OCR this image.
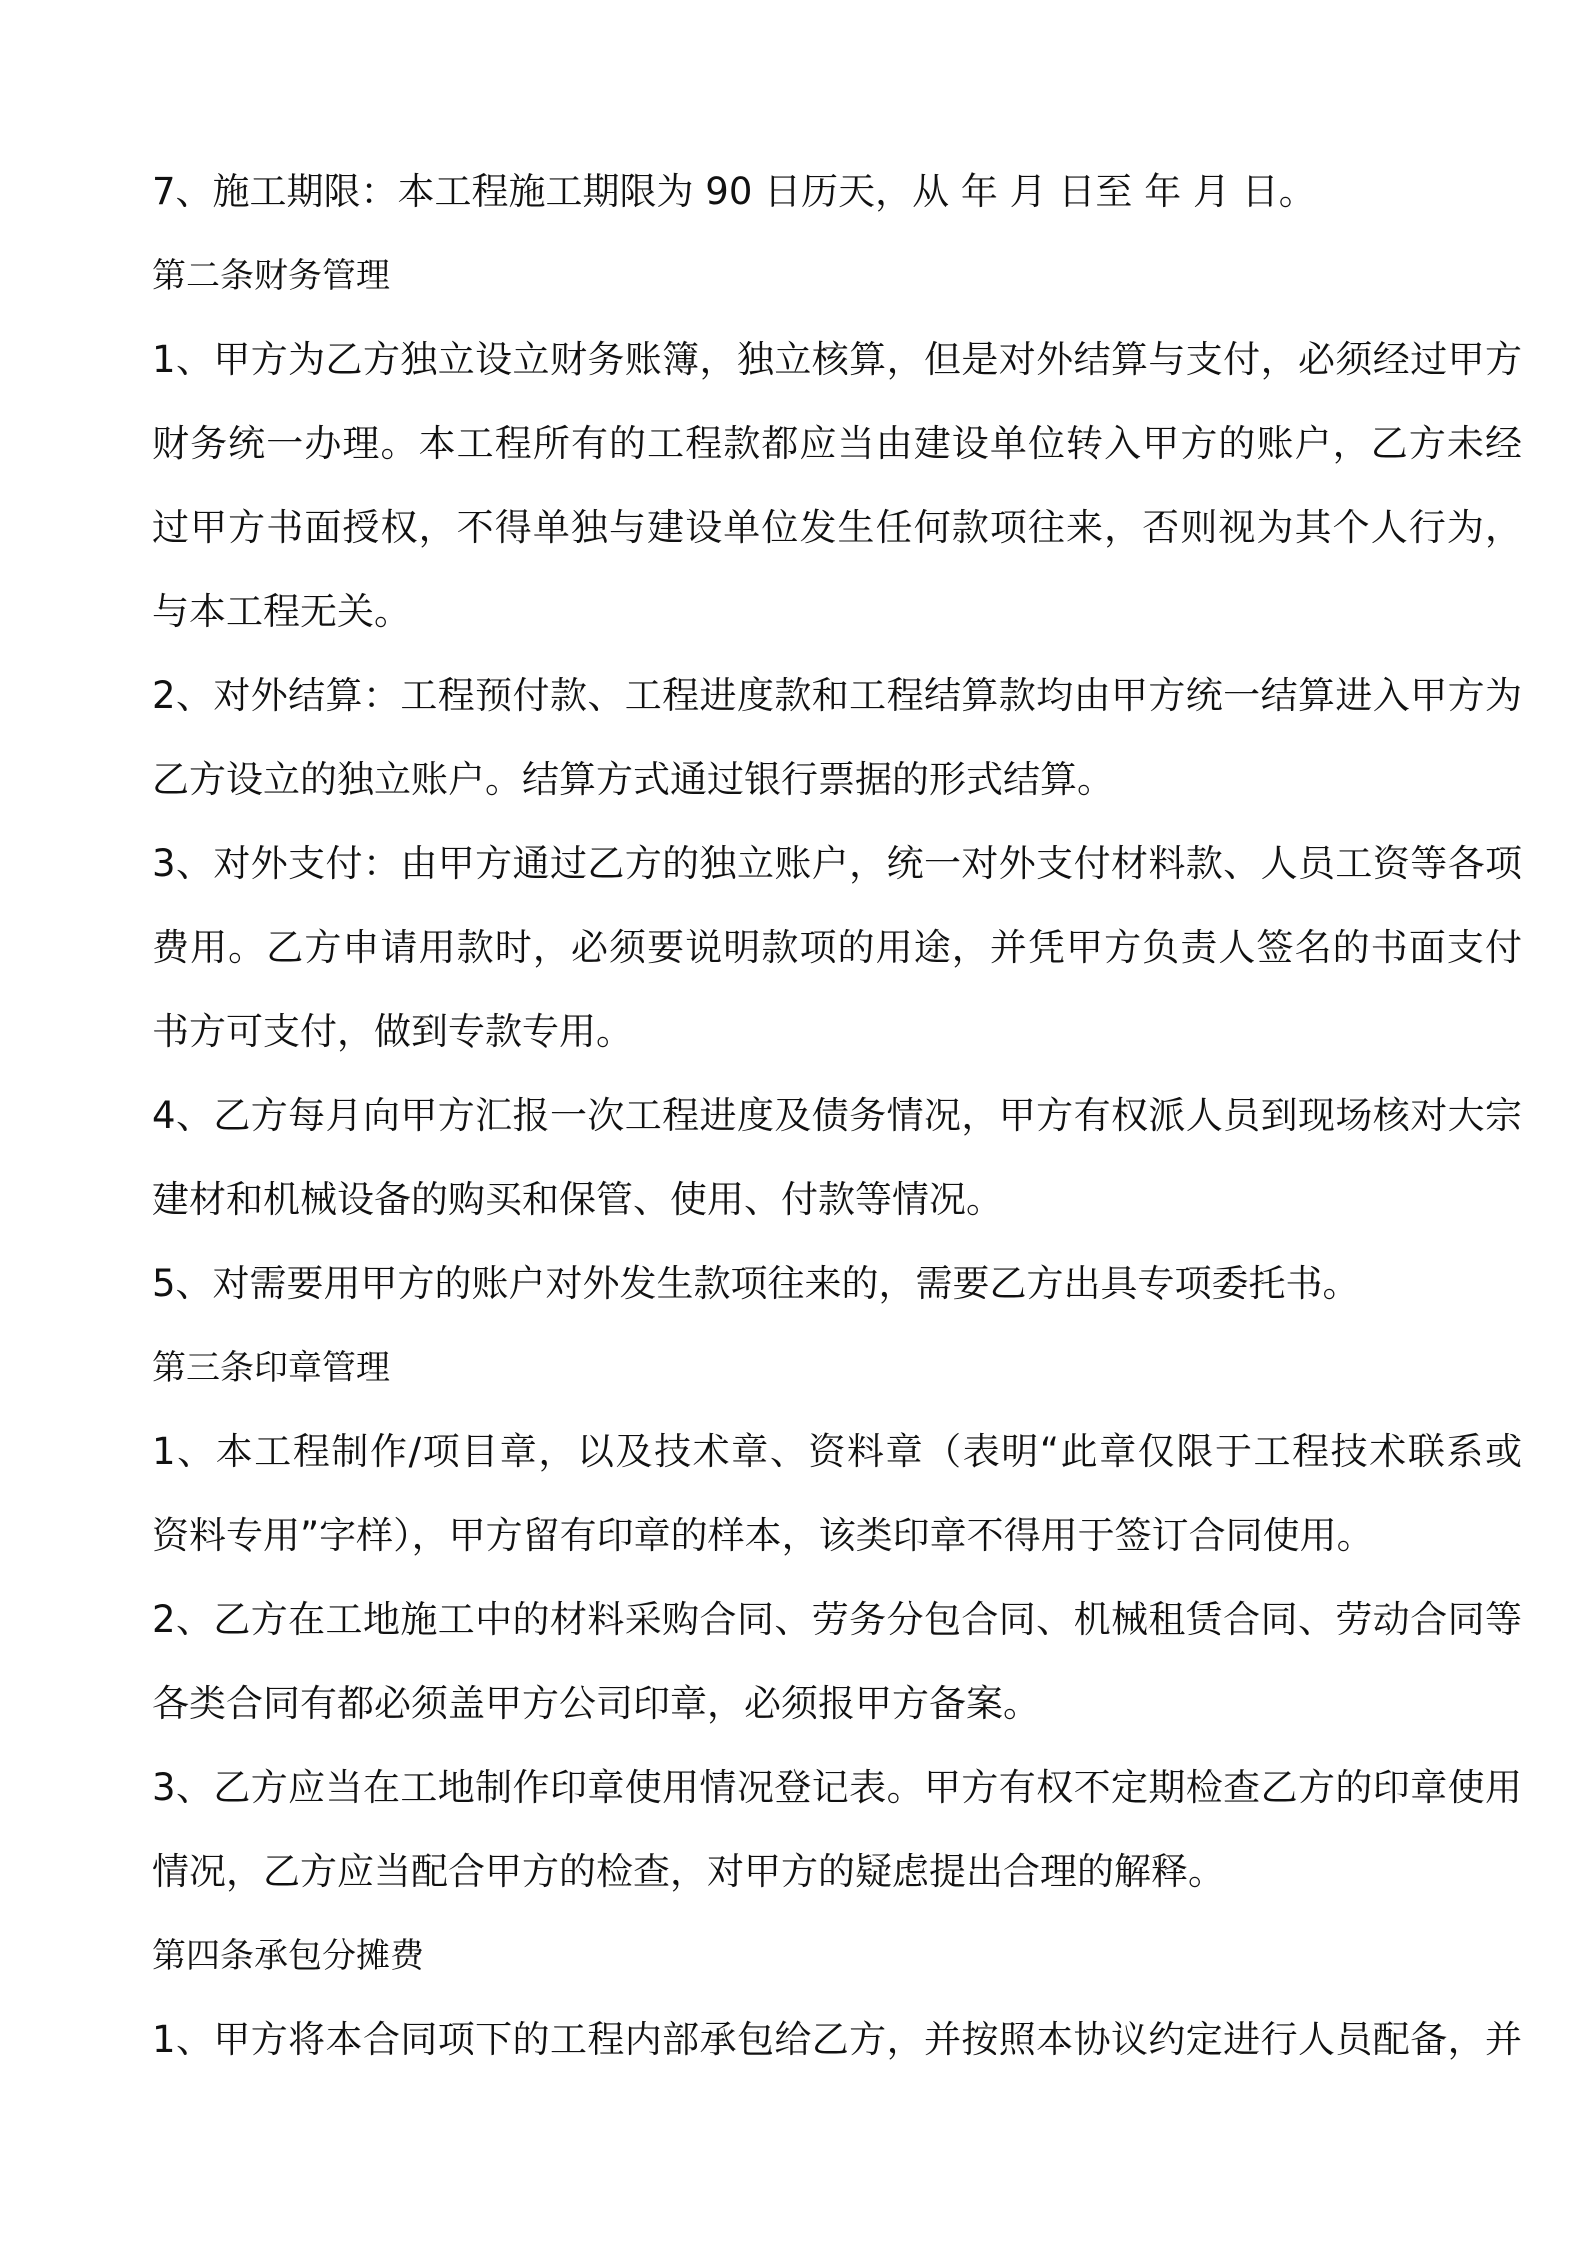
7、施工期限：本工程施工期限为 90 日历天，从 年 月 日至 年 月 日。
第二条财务管理
1、甲方为乙方独立设立财务账簿，独立核算，但是对外结算与支付，必须经过甲方
财务统一办理。本工程所有的工程款都应当由建设单位转入甲方的账户，乙方未经
过甲方书面授权，不得单独与建设单位发生任何款项往来，否则视为其个人行为，
与本工程无关。
2、对外结算：工程预付款、工程进度款和工程结算款均由甲方统一结算进入甲方为
乙方设立的独立账户。结算方式通过银行票据的形式结算。
3、对外支付：由甲方通过乙方的独立账户，统一对外支付材料款、人员工资等各项
费用。乙方申请用款时，必须要说明款项的用途，并凭甲方负责人签名的书面支付
书方可支付，做到专款专用。
4、乙方每月向甲方汇报一次工程进度及债务情况，甲方有权派人员到现场核对大宗
建材和机械设备的购买和保管、使用、付款等情况。
5、对需要用甲方的账户对外发生款项往来的，需要乙方出具专项委托书。
第三条印章管理
1、本工程制作/项目章，以及技术章、资料章（表明“此章仅限于工程技术联系或
资料专用”字样），甲方留有印章的样本，该类印章不得用于签订合同使用。
2、乙方在工地施工中的材料采购合同、劳务分包合同、机械租赁合同、劳动合同等
各类合同有都必须盖甲方公司印章，必须报甲方备案。
3、乙方应当在工地制作印章使用情况登记表。甲方有权不定期检查乙方的印章使用
情况，乙方应当配合甲方的检查，对甲方的疑虑提出合理的解释。
第四条承包分摊费
1、甲方将本合同项下的工程内部承包给乙方，并按照本协议约定进行人员配备，并
